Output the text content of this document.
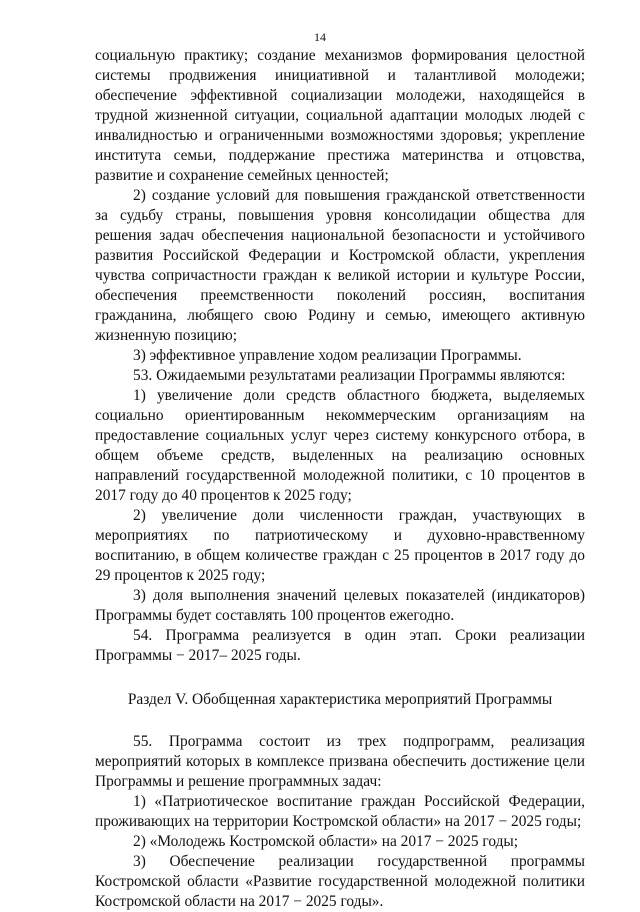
14

социальную практику; создание механизмов формирования целостной системы продвижения инициативной и талантливой молодежи; обеспечение эффективной социализации молодежи, находящейся в трудной жизненной ситуации, социальной адаптации молодых людей с инвалидностью и ограниченными возможностями здоровья; укрепление института семьи, поддержание престижа материнства и отцовства, развитие и сохранение семейных ценностей;

2) создание условий для повышения гражданской ответственности за судьбу страны, повышения уровня консолидации общества для решения задач обеспечения национальной безопасности и устойчивого развития Российской Федерации и Костромской области, укрепления чувства сопричастности граждан к великой истории и культуре России, обеспечения преемственности поколений россиян, воспитания гражданина, любящего свою Родину и семью, имеющего активную жизненную позицию;

3) эффективное управление ходом реализации Программы.

53. Ожидаемыми результатами реализации Программы являются:

1) увеличение доли средств областного бюджета, выделяемых социально ориентированным некоммерческим организациям на предоставление социальных услуг через систему конкурсного отбора, в общем объеме средств, выделенных на реализацию основных направлений государственной молодежной политики, с 10 процентов в 2017 году до 40 процентов к 2025 году;

2) увеличение доли численности граждан, участвующих в мероприятиях по патриотическому и духовно-нравственному воспитанию, в общем количестве граждан с 25 процентов в 2017 году до 29 процентов к 2025 году;

3) доля выполнения значений целевых показателей (индикаторов) Программы будет составлять 100 процентов ежегодно.

54. Программа реализуется в один этап. Сроки реализации Программы − 2017– 2025 годы.

Раздел V. Обобщенная характеристика мероприятий Программы

55. Программа состоит из трех подпрограмм, реализация мероприятий которых в комплексе призвана обеспечить достижение цели Программы и решение программных задач:

1) «Патриотическое воспитание граждан Российской Федерации, проживающих на территории Костромской области» на 2017 − 2025 годы;

2) «Молодежь Костромской области» на 2017 − 2025 годы;

3) Обеспечение реализации государственной программы Костромской области «Развитие государственной молодежной политики Костромской области на 2017 − 2025 годы».
